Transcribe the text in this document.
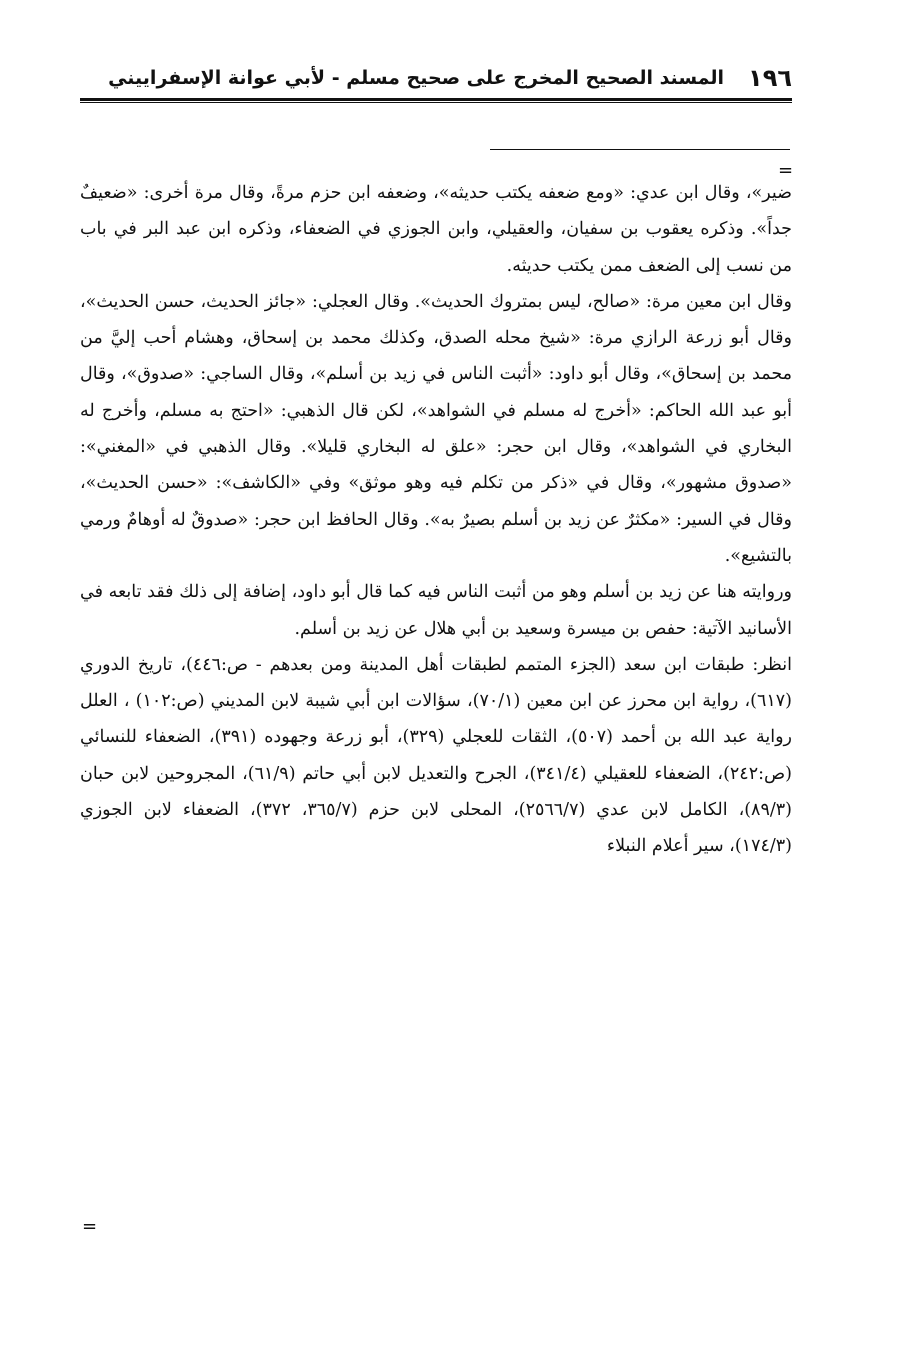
١٩٦
المسند الصحيح المخرج على صحيح مسلم - لأبي عوانة الإسفراييني
=

ضير»، وقال ابن عدي: «ومع ضعفه يكتب حديثه»، وضعفه ابن حزم مرةً، وقال مرة أخرى: «ضعيفٌ جداً». وذكره يعقوب بن سفيان، والعقيلي، وابن الجوزي في الضعفاء، وذكره ابن عبد البر في باب من نسب إلى الضعف ممن يكتب حديثه.

وقال ابن معين مرة: «صالح، ليس بمتروك الحديث». وقال العجلي: «جائز الحديث، حسن الحديث»، وقال أبو زرعة الرازي مرة: «شيخ محله الصدق، وكذلك محمد بن إسحاق، وهشام أحب إليَّ من محمد بن إسحاق»، وقال أبو داود: «أثبت الناس في زيد بن أسلم»، وقال الساجي: «صدوق»، وقال أبو عبد الله الحاكم: «أخرج له مسلم في الشواهد»، لكن قال الذهبي: «احتج به مسلم، وأخرج له البخاري في الشواهد»، وقال ابن حجر: «علق له البخاري قليلا». وقال الذهبي في «المغني»: «صدوق مشهور»، وقال في «ذكر من تكلم فيه وهو موثق» وفي «الكاشف»: «حسن الحديث»، وقال في السير: «مكثرٌ عن زيد بن أسلم بصيرٌ به». وقال الحافظ ابن حجر: «صدوقٌ له أوهامٌ ورمي بالتشيع».

وروايته هنا عن زيد بن أسلم وهو من أثبت الناس فيه كما قال أبو داود، إضافة إلى ذلك فقد تابعه في الأسانيد الآتية: حفص بن ميسرة وسعيد بن أبي هلال عن زيد بن أسلم.

انظر: طبقات ابن سعد (الجزء المتمم لطبقات أهل المدينة ومن بعدهم - ص:٤٤٦)، تاريخ الدوري (٦١٧)، رواية ابن محرز عن ابن معين (٧٠/١)، سؤالات ابن أبي شيبة لابن المديني (ص:١٠٢) ، العلل رواية عبد الله بن أحمد (٥٠٧)، الثقات للعجلي (٣٢٩)، أبو زرعة وجهوده (٣٩١)، الضعفاء للنسائي (ص:٢٤٢)، الضعفاء للعقيلي (٣٤١/٤)، الجرح والتعديل لابن أبي حاتم (٦١/٩)، المجروحين لابن حبان (٨٩/٣)، الكامل لابن عدي (٢٥٦٦/٧)، المحلى لابن حزم (٣٦٥/٧، ٣٧٢)، الضعفاء لابن الجوزي (١٧٤/٣)، سير أعلام النبلاء

=
